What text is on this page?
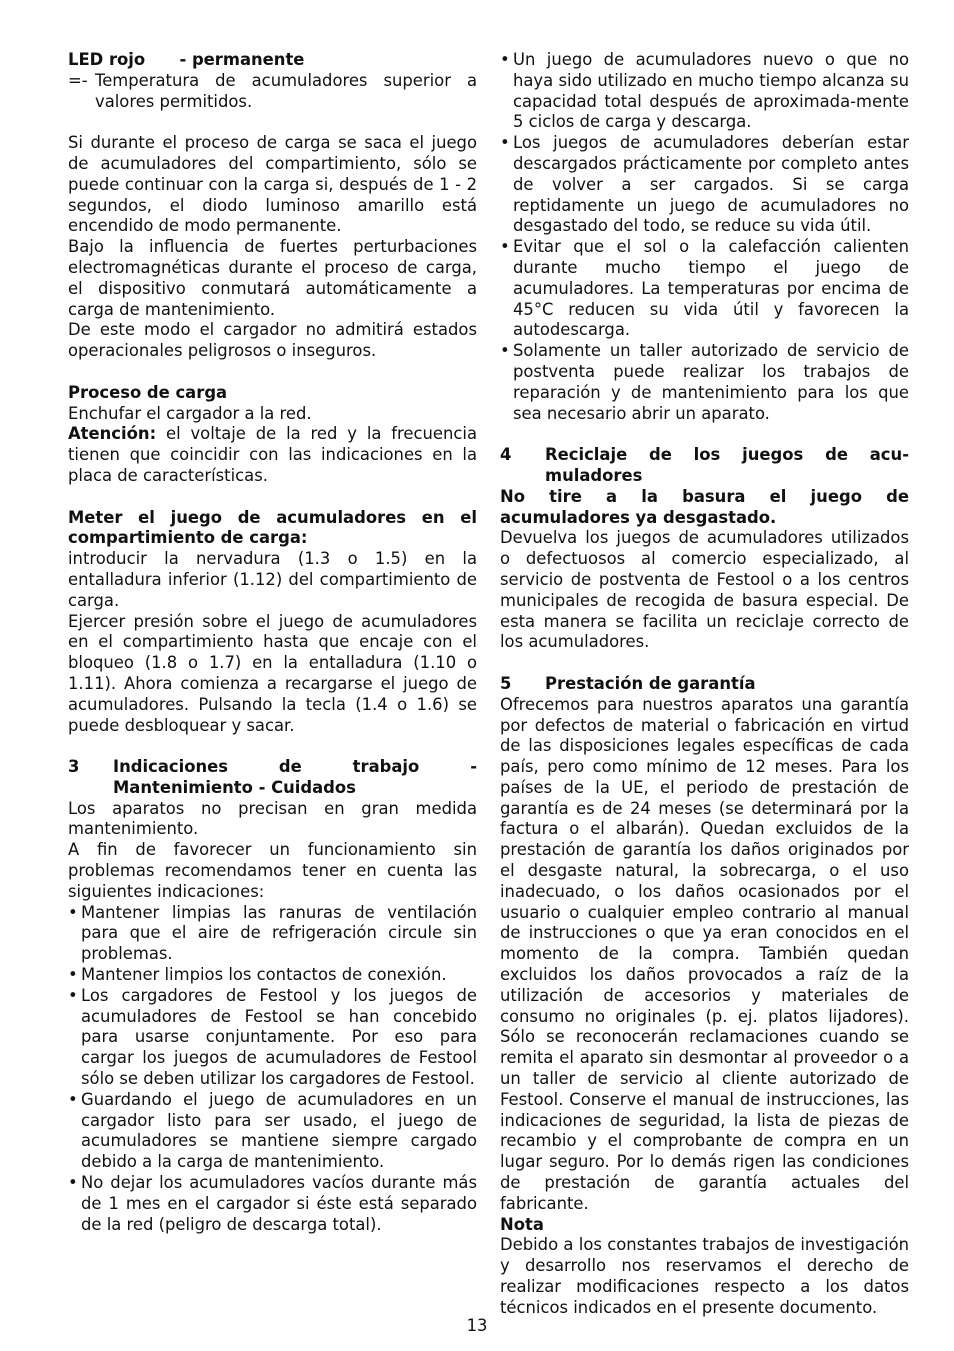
LED rojo - permanente

=- Temperatura de acumuladores superior a valores permitidos.

Si durante el proceso de carga se saca el juego de acumuladores del compartimiento, sólo se puede continuar con la carga si, después de 1 - 2 segundos, el diodo luminoso amarillo está encendido de modo permanente.

Bajo la influencia de fuertes perturbaciones electromagnéticas durante el proceso de carga, el dispositivo conmutará automáticamente a carga de mantenimiento.

De este modo el cargador no admitirá estados operacionales peligrosos o inseguros.

Proceso de carga

Enchufar el cargador a la red.

Atención: el voltaje de la red y la frecuencia tienen que coincidir con las indicaciones en la placa de características.

Meter el juego de acumuladores en el compartimiento de carga:

introducir la nervadura (1.3 o 1.5) en la entalladura inferior (1.12) del compartimiento de carga.

Ejercer presión sobre el juego de acumuladores en el compartimiento hasta que encaje con el bloqueo (1.8 o 1.7) en la entalladura (1.10 o 1.11). Ahora comienza a recargarse el juego de acumuladores. Pulsando la tecla (1.4 o 1.6) se puede desbloquear y sacar.

3	Indicaciones de trabajo - Mantenimiento - Cuidados

Los aparatos no precisan en gran medida mantenimiento.

A fin de favorecer un funcionamiento sin problemas recomendamos tener en cuenta las siguientes indicaciones:

• Mantener limpias las ranuras de ventilación para que el aire de refrigeración circule sin problemas.
• Mantener limpios los contactos de conexión.
• Los cargadores de Festool y los juegos de acumuladores de Festool se han concebido para usarse conjuntamente. Por eso para cargar los juegos de acumuladores de Festool sólo se deben utilizar los cargadores de Festool.
• Guardando el juego de acumuladores en un cargador listo para ser usado, el juego de acumuladores se mantiene siempre cargado debido a la carga de mantenimiento.
• No dejar los acumuladores vacíos durante más de 1 mes en el cargador si éste está separado de la red (peligro de descarga total).
• Un juego de acumuladores nuevo o que no haya sido utilizado en mucho tiempo alcanza su capacidad total después de aproximada-mente 5 ciclos de carga y descarga.
• Los juegos de acumuladores deberían estar descargados prácticamente por completo antes de volver a ser cargados. Si se carga reptidamente un juego de acumuladores no desgastado del todo, se reduce su vida útil.
• Evitar que el sol o la calefacción calienten durante mucho tiempo el juego de acumuladores. La temperaturas por encima de 45°C reducen su vida útil y favorecen la autodescarga.
• Solamente un taller autorizado de servicio de postventa puede realizar los trabajos de reparación y de mantenimiento para los que sea necesario abrir un aparato.
4	Reciclaje de los juegos de acu-muladores

No tire a la basura el juego de acumuladores ya desgastado.

Devuelva los juegos de acumuladores utilizados o defectuosos al comercio especializado, al servicio de postventa de Festool o a los centros municipales de recogida de basura especial. De esta manera se facilita un reciclaje correcto de los acumuladores.

5	Prestación de garantía

Ofrecemos para nuestros aparatos una garantía por defectos de material o fabricación en virtud de las disposiciones legales específicas de cada país, pero como mínimo de 12 meses. Para los países de la UE, el periodo de prestación de garantía es de 24 meses (se determinará por la factura o el albarán). Quedan excluidos de la prestación de garantía los daños originados por el desgaste natural, la sobrecarga, o el uso inadecuado, o los daños ocasionados por el usuario o cualquier empleo contrario al manual de instrucciones o que ya eran conocidos en el momento de la compra. También quedan excluidos los daños provocados a raíz de la utilización de accesorios y materiales de consumo no originales (p. ej. platos lijadores). Sólo se reconocerán reclamaciones cuando se remita el aparato sin desmontar al proveedor o a un taller de servicio al cliente autorizado de Festool. Conserve el manual de instrucciones, las indicaciones de seguridad, la lista de piezas de recambio y el comprobante de compra en un lugar seguro. Por lo demás rigen las condiciones de prestación de garantía actuales del fabricante.

Nota

Debido a los constantes trabajos de investigación y desarrollo nos reservamos el derecho de realizar modificaciones respecto a los datos técnicos indicados en el presente documento.

13
